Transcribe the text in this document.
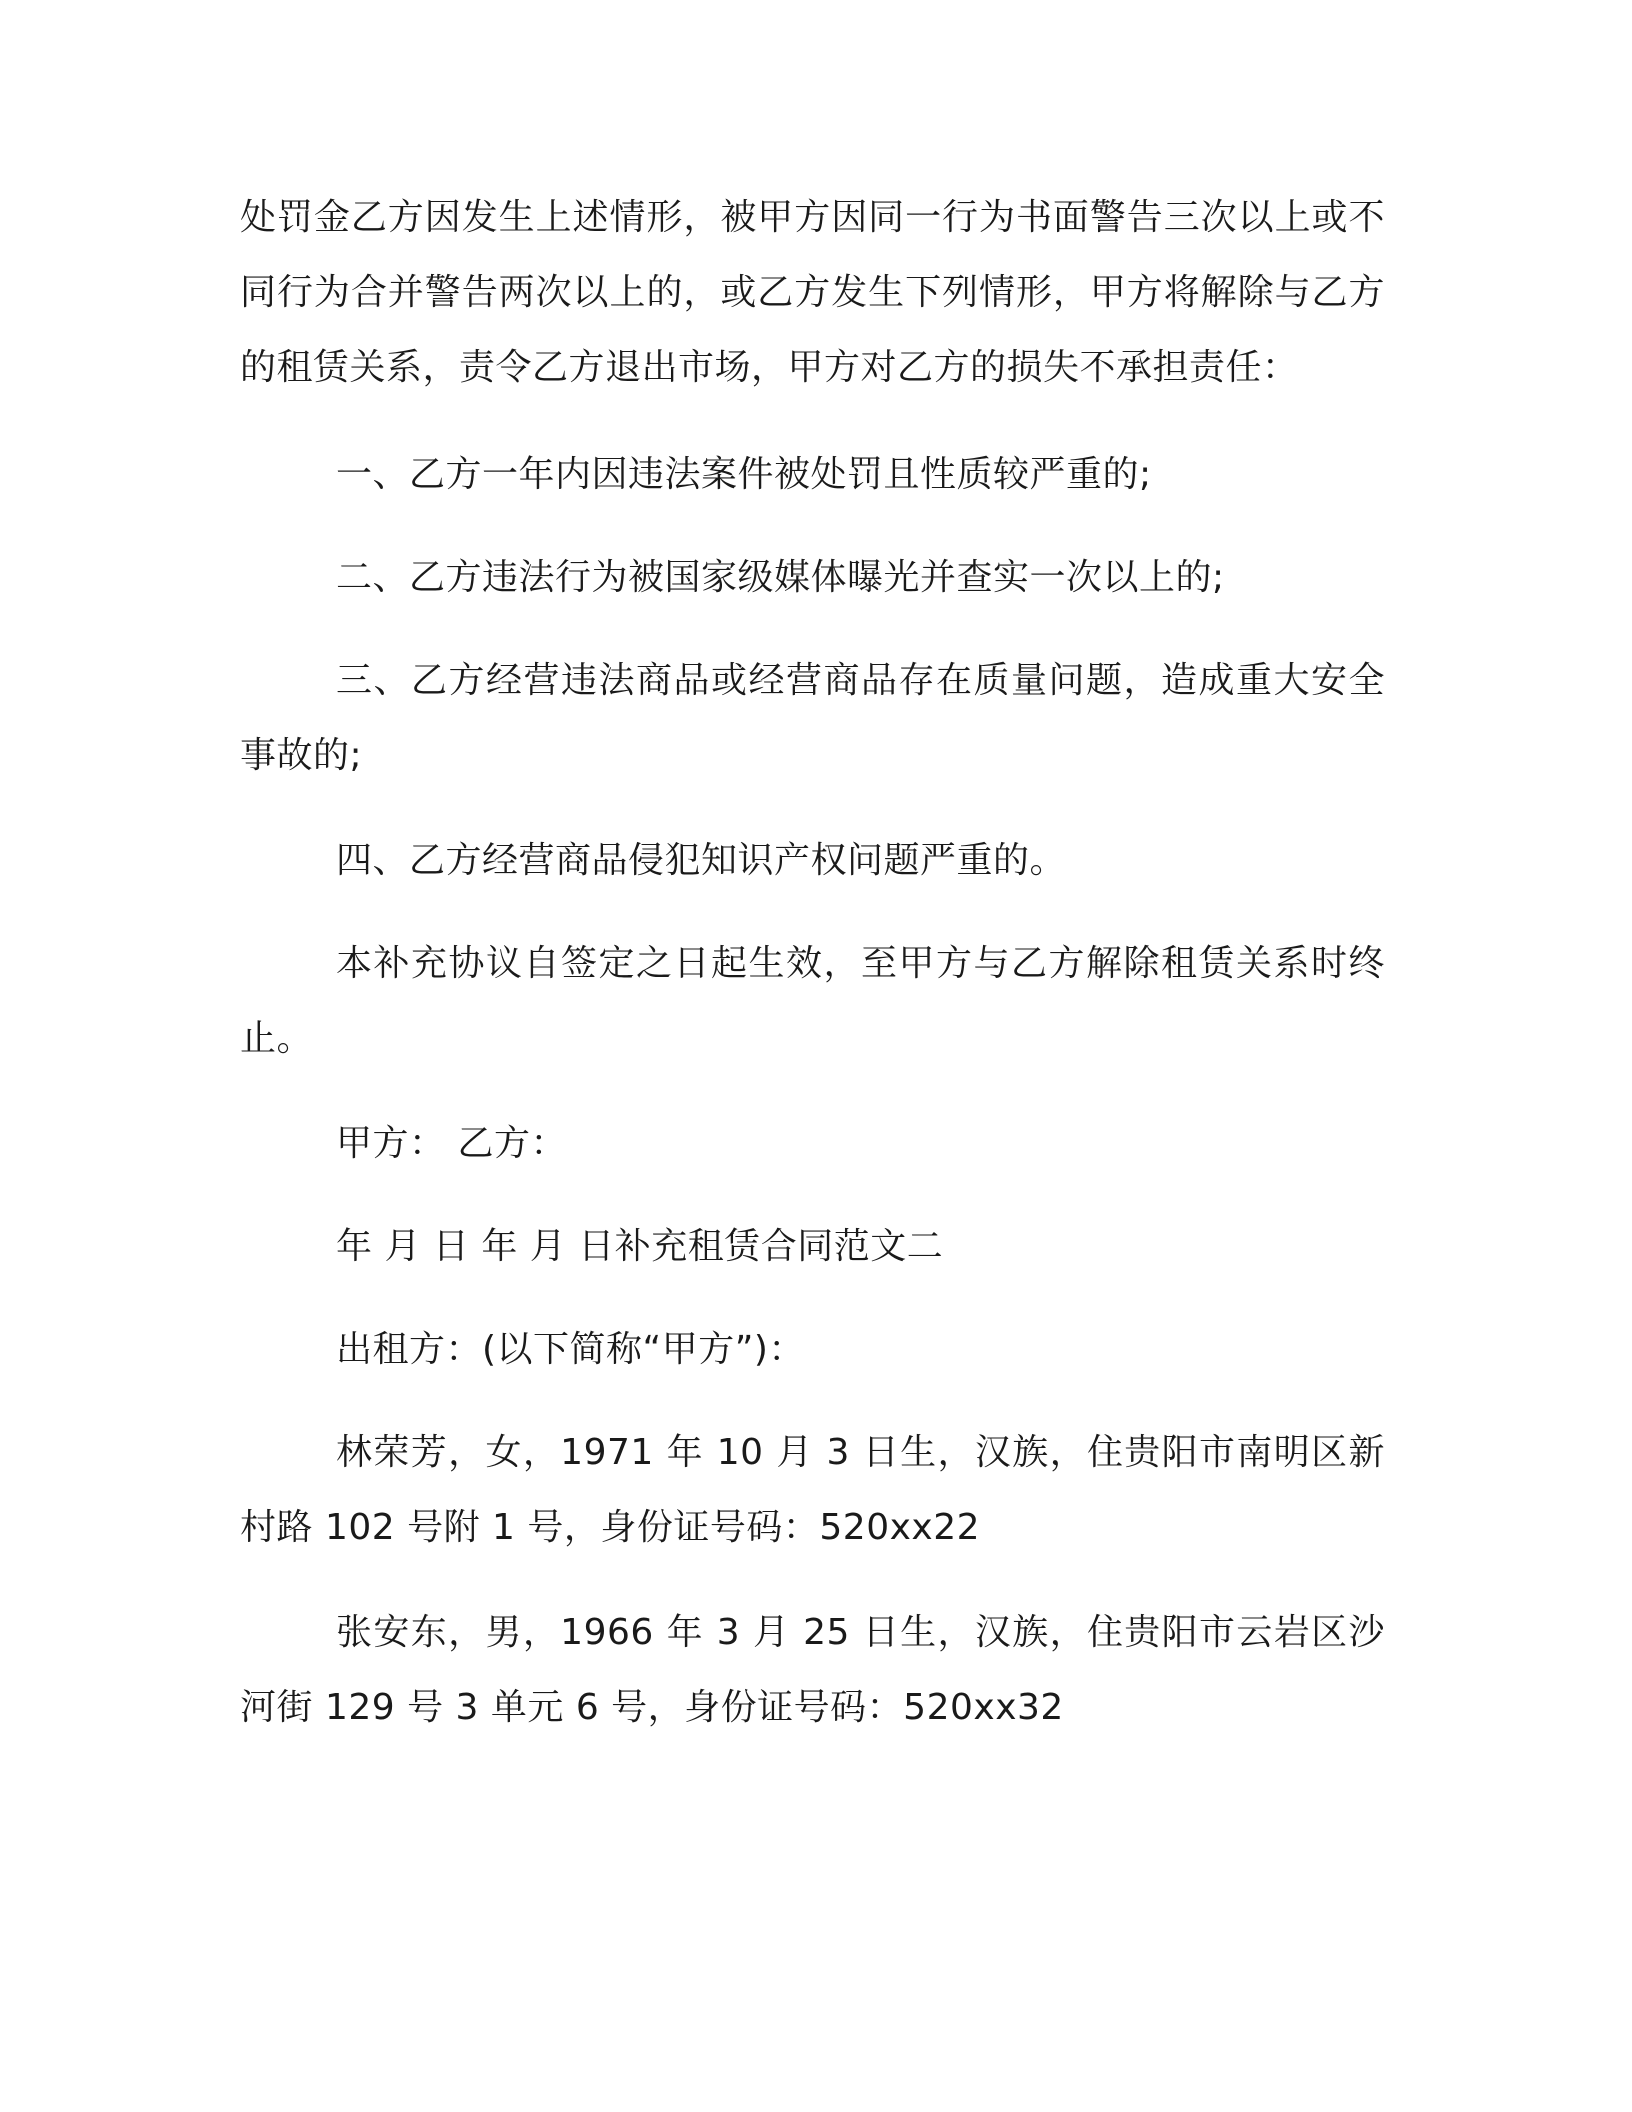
处罚金乙方因发生上述情形，被甲方因同一行为书面警告三次以上或不同行为合并警告两次以上的，或乙方发生下列情形，甲方将解除与乙方的租赁关系，责令乙方退出市场，甲方对乙方的损失不承担责任：

一、乙方一年内因违法案件被处罚且性质较严重的;

二、乙方违法行为被国家级媒体曝光并查实一次以上的;

三、乙方经营违法商品或经营商品存在质量问题，造成重大安全事故的;

四、乙方经营商品侵犯知识产权问题严重的。

本补充协议自签定之日起生效，至甲方与乙方解除租赁关系时终止。

甲方： 乙方：

年 月 日 年 月 日补充租赁合同范文二

出租方：(以下简称“甲方”)：

林荣芳，女，1971 年 10 月 3 日生，汉族，住贵阳市南明区新村路 102 号附 1 号，身份证号码：520xx22

张安东，男，1966 年 3 月 25 日生，汉族，住贵阳市云岩区沙河街 129 号 3 单元 6 号，身份证号码：520xx32
